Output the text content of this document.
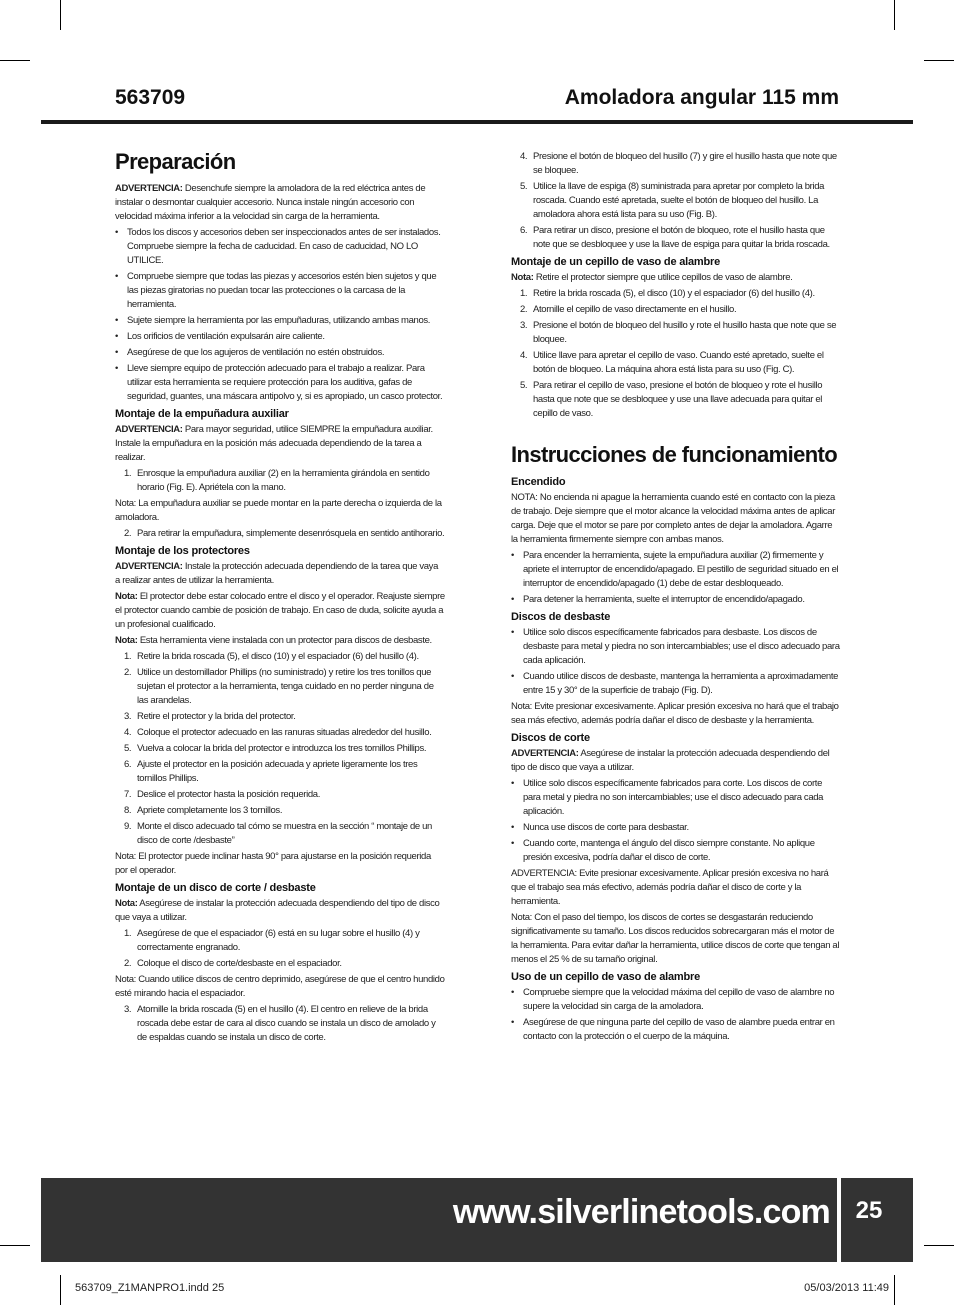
563709	Amoladora angular 115 mm
Preparación

ADVERTENCIA: Desenchufe siempre la amoladora de la red eléctrica antes de instalar o desmontar cualquier accesorio. Nunca instale ningún accesorio con velocidad máxima inferior a la velocidad sin carga de la herramienta.

• Todos los discos y accesorios deben ser inspeccionados antes de ser instalados. Compruebe siempre la fecha de caducidad. En caso de caducidad, NO LO UTILICE.
• Compruebe siempre que todas las piezas y accesorios estén bien sujetos y que las piezas giratorias no puedan tocar las protecciones o la carcasa de la herramienta.
• Sujete siempre la herramienta por las empuñaduras, utilizando ambas manos.
• Los orificios de ventilación expulsarán aire caliente.
• Asegúrese de que los agujeros de ventilación no estén obstruidos.
• Lleve siempre equipo de protección adecuado para el trabajo a realizar. Para utilizar esta herramienta se requiere protección para los auditiva, gafas de seguridad, guantes, una máscara antipolvo y, si es apropiado, un casco protector.
Montaje de la empuñadura auxiliar

ADVERTENCIA: Para mayor seguridad, utilice SIEMPRE la empuñadura auxiliar. Instale la empuñadura en la posición más adecuada dependiendo de la tarea a realizar.

1. Enrosque la empuñadura auxiliar (2) en la herramienta girándola en sentido horario (Fig. E). Apriétela con la mano.

Nota: La empuñadura auxiliar se puede montar en la parte derecha o izquierda de la amoladora.

2. Para retirar la empuñadura, simplemente desenrósquela en sentido antihorario.
Montaje de los protectores

ADVERTENCIA: Instale la protección adecuada dependiendo de la tarea que vaya a realizar antes de utilizar la herramienta.

Nota: El protector debe estar colocado entre el disco y el operador. Reajuste siempre el protector cuando cambie de posición de trabajo. En caso de duda, solicite ayuda a un profesional cualificado.

Nota: Esta herramienta viene instalada con un protector para discos de desbaste.

1. Retire la brida roscada (5), el disco (10) y el espaciador (6) del husillo (4).
2. Utilice un destornillador Phillips (no suministrado) y retire los tres tonillos que sujetan el protector a la herramienta, tenga cuidado en no perder ninguna de las arandelas.
3. Retire el protector y la brida del protector.
4. Coloque el protector adecuado en las ranuras situadas alrededor del husillo.
5. Vuelva a colocar la brida del protector e introduzca los tres tornillos Phillips.
6. Ajuste el protector en la posición adecuada y apriete ligeramente los tres tornillos Phillips.
7. Deslice el protector hasta la posición requerida.
8. Apriete completamente los 3 tornillos.
9. Monte el disco adecuado tal cómo se muestra en la sección “ montaje de un disco de corte /desbaste”

Nota: El protector puede inclinar hasta 90° para ajustarse en la posición requerida por el operador.

Montaje de un disco de corte / desbaste

Nota: Asegúrese de instalar la protección adecuada despendiendo del tipo de disco que vaya a utilizar.

1. Asegúrese de que el espaciador (6) está en su lugar sobre el husillo (4) y correctamente engranado.
2. Coloque el disco de corte/desbaste en el espaciador.

Nota: Cuando utilice discos de centro deprimido, asegúrese de que el centro hundido esté mirando hacia el espaciador.

3. Atornille la brida roscada (5) en el husillo (4). El centro en relieve de la brida roscada debe estar de cara al disco cuando se instala un disco de amolado y de espaldas cuando se instala un disco de corte.
4. Presione el botón de bloqueo del husillo (7) y gire el husillo hasta que note que se bloquee.
5. Utilice la llave de espiga (8) suministrada para apretar por completo la brida roscada. Cuando esté apretada, suelte el botón de bloqueo del husillo. La amoladora ahora está lista para su uso (Fig. B).
6. Para retirar un disco, presione el botón de bloqueo, rote el husillo hasta que note que se desbloquee y use la llave de espiga para quitar la brida roscada.
Montaje de un cepillo de vaso de alambre

Nota: Retire el protector siempre que utilice cepillos de vaso de alambre.

1. Retire la brida roscada (5), el disco (10) y el espaciador (6) del husillo (4).
2. Atornille el cepillo de vaso directamente en el husillo.
3. Presione el botón de bloqueo del husillo y rote el husillo hasta que note que se bloquee.
4. Utilice llave para apretar el cepillo de vaso. Cuando esté apretado, suelte el botón de bloqueo. La máquina ahora está lista para su uso (Fig. C).
5. Para retirar el cepillo de vaso, presione el botón de bloqueo y rote el husillo hasta que note que se desbloquee y use una llave adecuada para quitar el cepillo de vaso.
Instrucciones de funcionamiento
Encendido

NOTA: No encienda ni apague la herramienta cuando esté en contacto con la pieza de trabajo. Deje siempre que el motor alcance la velocidad máxima antes de aplicar carga. Deje que el motor se pare por completo antes de dejar la amoladora. Agarre la herramienta firmemente siempre con ambas manos.

• Para encender la herramienta, sujete la empuñadura auxiliar (2) firmemente y apriete el interruptor de encendido/apagado. El pestillo de seguridad situado en el interruptor de encendido/apagado (1) debe de estar desbloqueado.
• Para detener la herramienta, suelte el interruptor de encendido/apagado.
Discos de desbaste
• Utilice solo discos específicamente fabricados para desbaste. Los discos de desbaste para metal y piedra no son intercambiables; use el disco adecuado para cada aplicación.
• Cuando utilice discos de desbaste, mantenga la herramienta a aproximadamente entre 15 y 30° de la superficie de trabajo (Fig. D).

Nota: Evite presionar excesivamente. Aplicar presión excesiva no hará que el trabajo sea más efectivo, además podría dañar el disco de desbaste y la herramienta.

Discos de corte

ADVERTENCIA: Asegúrese de instalar la protección adecuada despendiendo del tipo de disco que vaya a utilizar.

• Utilice solo discos específicamente fabricados para corte. Los discos de corte para metal y piedra no son intercambiables; use el disco adecuado para cada aplicación.
• Nunca use discos de corte para desbastar.
• Cuando corte, mantenga el ángulo del disco siempre constante. No aplique presión excesiva, podría dañar el disco de corte.

ADVERTENCIA: Evite presionar excesivamente. Aplicar presión excesiva no hará que el trabajo sea más efectivo, además podría dañar el disco de corte y la herramienta.

Nota: Con el paso del tiempo, los discos de cortes se desgastarán reduciendo significativamente su tamaño. Los discos reducidos sobrecargaran más el motor de la herramienta. Para evitar dañar la herramienta, utilice discos de corte que tengan al menos el 25 % de su tamaño original.

Uso de un cepillo de vaso de alambre
• Compruebe siempre que la velocidad máxima del cepillo de vaso de alambre no supere la velocidad sin carga de la amoladora.
• Asegúrese de que ninguna parte del cepillo de vaso de alambre pueda entrar en contacto con la protección o el cuerpo de la máquina.
www.silverlinetools.com	25
563709_Z1MANPRO1.indd 25	05/03/2013 11:49
